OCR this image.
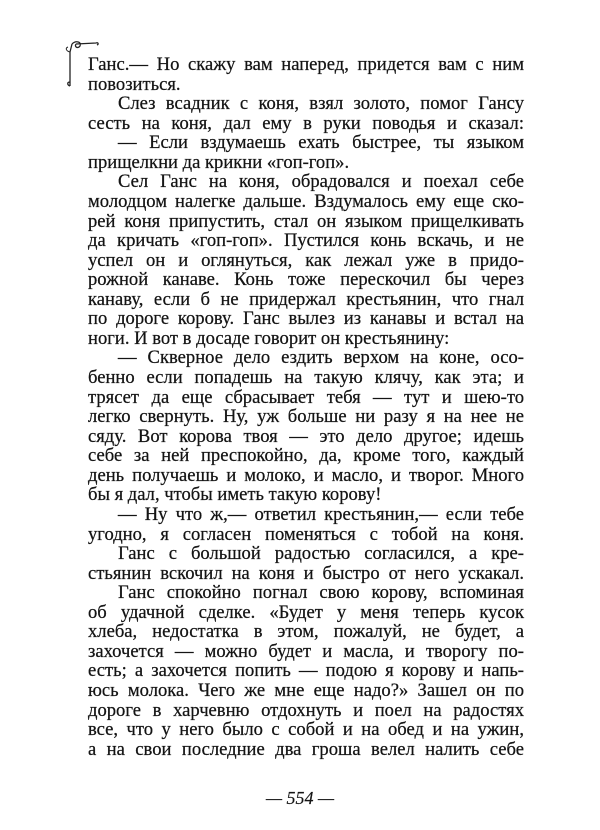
Ганс.— Но скажу вам наперед, придется вам с ним
повозиться.
Слез всадник с коня, взял золото, помог Гансу
сесть на коня, дал ему в руки поводья и сказал:
— Если вздумаешь ехать быстрее, ты языком
прищелкни да крикни «гоп-гоп».
Сел Ганс на коня, обрадовался и поехал себе
молодцом налегке дальше. Вздумалось ему еще ско-
рей коня припустить, стал он языком прищелкивать
да кричать «гоп-гоп». Пустился конь вскачь, и не
успел он и оглянуться, как лежал уже в придо-
рожной канаве. Конь тоже перескочил бы через
канаву, если б не придержал крестьянин, что гнал
по дороге корову. Ганс вылез из канавы и встал на
ноги. И вот в досаде говорит он крестьянину:
— Скверное дело ездить верхом на коне, осо-
бенно если попадешь на такую клячу, как эта; и
трясет да еще сбрасывает тебя — тут и шею-то
легко свернуть. Ну, уж больше ни разу я на нее не
сяду. Вот корова твоя — это дело другое; идешь
себе за ней преспокойно, да, кроме того, каждый
день получаешь и молоко, и масло, и творог. Много
бы я дал, чтобы иметь такую корову!
— Ну что ж,— ответил крестьянин,— если тебе
угодно, я согласен поменяться с тобой на коня.
Ганс с большой радостью согласился, а кре-
стьянин вскочил на коня и быстро от него ускакал.
Ганс спокойно погнал свою корову, вспоминая
об удачной сделке. «Будет у меня теперь кусок
хлеба, недостатка в этом, пожалуй, не будет, а
захочется — можно будет и масла, и творогу по-
есть; а захочется попить — подою я корову и напь-
юсь молока. Чего же мне еще надо?» Зашел он по
дороге в харчевню отдохнуть и поел на радостях
все, что у него было с собой и на обед и на ужин,
а на свои последние два гроша велел налить себе
— 554 —
